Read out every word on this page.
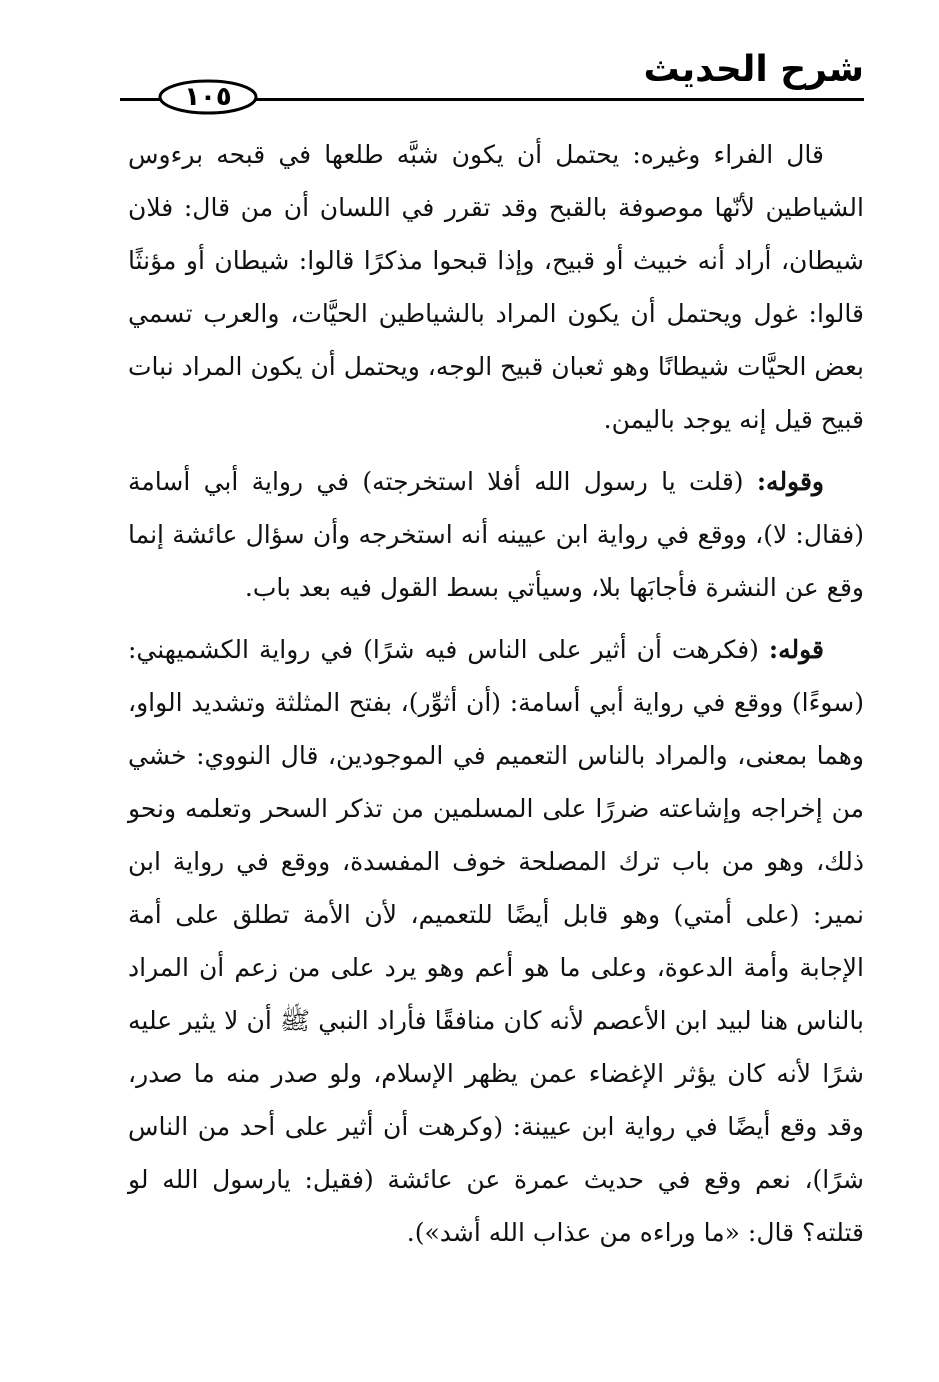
شرح الحديث
١٠٥

قال الفراء وغيره: يحتمل أن يكون شبَّه طلعها في قبحه برءوس الشياطين لأنّها موصوفة بالقبح وقد تقرر في اللسان أن من قال: فلان شيطان، أراد أنه خبيث أو قبيح، وإذا قبحوا مذكرًا قالوا: شيطان أو مؤنثًا قالوا: غول ويحتمل أن يكون المراد بالشياطين الحيَّات، والعرب تسمي بعض الحيَّات شيطانًا وهو ثعبان قبيح الوجه، ويحتمل أن يكون المراد نبات قبيح قيل إنه يوجد باليمن.

وقوله: (قلت يا رسول الله أفلا استخرجته) في رواية أبي أسامة (فقال: لا)، ووقع في رواية ابن عيينه أنه استخرجه وأن سؤال عائشة إنما وقع عن النشرة فأجابَها بلا، وسيأتي بسط القول فيه بعد باب.

قوله: (فكرهت أن أثير على الناس فيه شرًا) في رواية الكشميهني: (سوءًا) ووقع في رواية أبي أسامة: (أن أثوِّر)، بفتح المثلثة وتشديد الواو، وهما بمعنى، والمراد بالناس التعميم في الموجودين، قال النووي: خشي من إخراجه وإشاعته ضررًا على المسلمين من تذكر السحر وتعلمه ونحو ذلك، وهو من باب ترك المصلحة خوف المفسدة، ووقع في رواية ابن نمير: (على أمتي) وهو قابل أيضًا للتعميم، لأن الأمة تطلق على أمة الإجابة وأمة الدعوة، وعلى ما هو أعم وهو يرد على من زعم أن المراد بالناس هنا لبيد ابن الأعصم لأنه كان منافقًا فأراد النبي ﷺ أن لا يثير عليه شرًا لأنه كان يؤثر الإغضاء عمن يظهر الإسلام، ولو صدر منه ما صدر، وقد وقع أيضًا في رواية ابن عيينة: (وكرهت أن أثير على أحد من الناس شرًا)، نعم وقع في حديث عمرة عن عائشة (فقيل: يارسول الله لو قتلته؟ قال: «ما وراءه من عذاب الله أشد»).
